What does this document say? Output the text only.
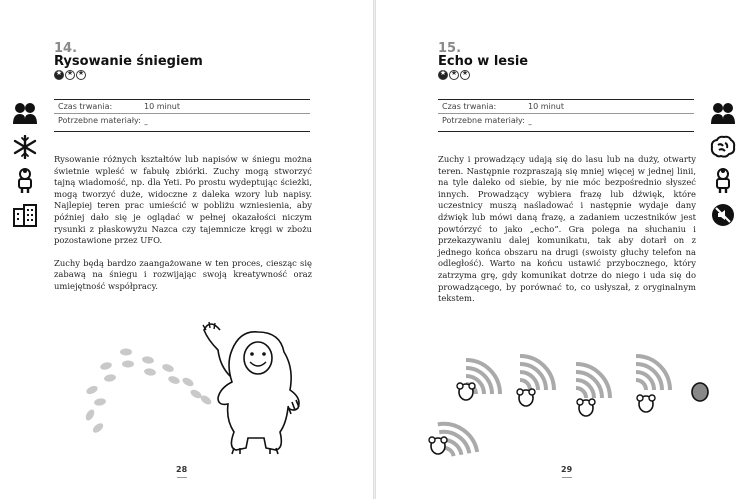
14.
Rysowanie śniegiem
★
★
★
Czas trwania:	10 minut
Potrzebne materiały: –

Rysowanie różnych kształtów lub napisów w śniegu można świetnie wpleść w fabułę zbiórki. Zuchy mogą stworzyć tajną wiadomość, np. dla Yeti. Po prostu wydeptując ścieżki, mogą tworzyć duże, widoczne z daleka wzory lub napisy. Najlepiej teren prac umieścić w pobliżu wzniesienia, aby później dało się je oglądać w pełnej okazałości niczym rysunki z płaskowyżu Nazca czy tajemnicze kręgi w zbożu pozostawione przez UFO.

Zuchy będą bardzo zaangażowane w ten proces, ciesząc się zabawą na śniegu i rozwijając swoją kreatywność oraz umiejętność współpracy.

28
15.
Echo w lesie
★
★
★
Czas trwania:	10 minut
Potrzebne materiały: –

Zuchy i prowadzący udają się do lasu lub na duży, otwarty teren. Następnie rozpraszają się mniej więcej w jednej linii, na tyle daleko od siebie, by nie móc bezpośrednio słyszeć innych. Prowadzący wybiera frazę lub dźwięk, które uczestnicy muszą naśladować i następnie wydaje dany dźwięk lub mówi daną frazę, a zadaniem uczestników jest powtórzyć to jako „echo”. Gra polega na słuchaniu i przekazywaniu dalej komunikatu, tak aby dotarł on z jednego końca obszaru na drugi (swoisty głuchy telefon na odległość). Warto na końcu ustawić przybocznego, który zatrzyma grę, gdy komunikat dotrze do niego i uda się do prowadzącego, by porównać to, co usłyszał, z oryginalnym tekstem.

29
